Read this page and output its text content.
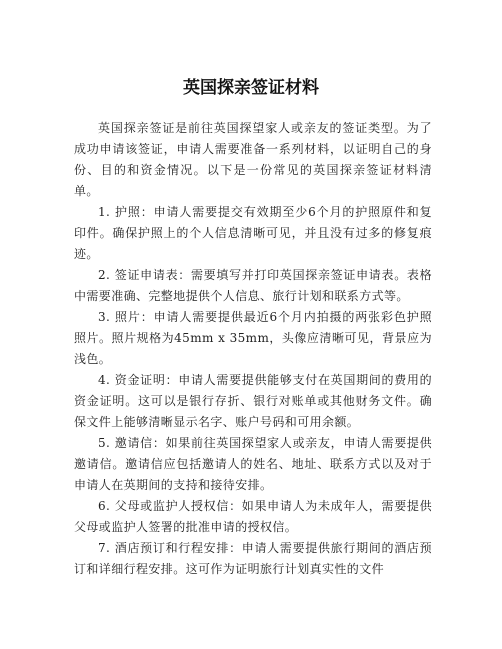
英国探亲签证材料

英国探亲签证是前往英国探望家人或亲友的签证类型。为了成功申请该签证，申请人需要准备一系列材料，以证明自己的身份、目的和资金情况。以下是一份常见的英国探亲签证材料清单。

1. 护照：申请人需要提交有效期至少6个月的护照原件和复印件。确保护照上的个人信息清晰可见，并且没有过多的修复痕迹。

2. 签证申请表：需要填写并打印英国探亲签证申请表。表格中需要准确、完整地提供个人信息、旅行计划和联系方式等。

3. 照片：申请人需要提供最近6个月内拍摄的两张彩色护照照片。照片规格为45mm x 35mm，头像应清晰可见，背景应为浅色。

4. 资金证明：申请人需要提供能够支付在英国期间的费用的资金证明。这可以是银行存折、银行对账单或其他财务文件。确保文件上能够清晰显示名字、账户号码和可用余额。

5. 邀请信：如果前往英国探望家人或亲友，申请人需要提供邀请信。邀请信应包括邀请人的姓名、地址、联系方式以及对于申请人在英期间的支持和接待安排。

6. 父母或监护人授权信：如果申请人为未成年人，需要提供父母或监护人签署的批准申请的授权信。

7. 酒店预订和行程安排：申请人需要提供旅行期间的酒店预订和详细行程安排。这可作为证明旅行计划真实性的文件
